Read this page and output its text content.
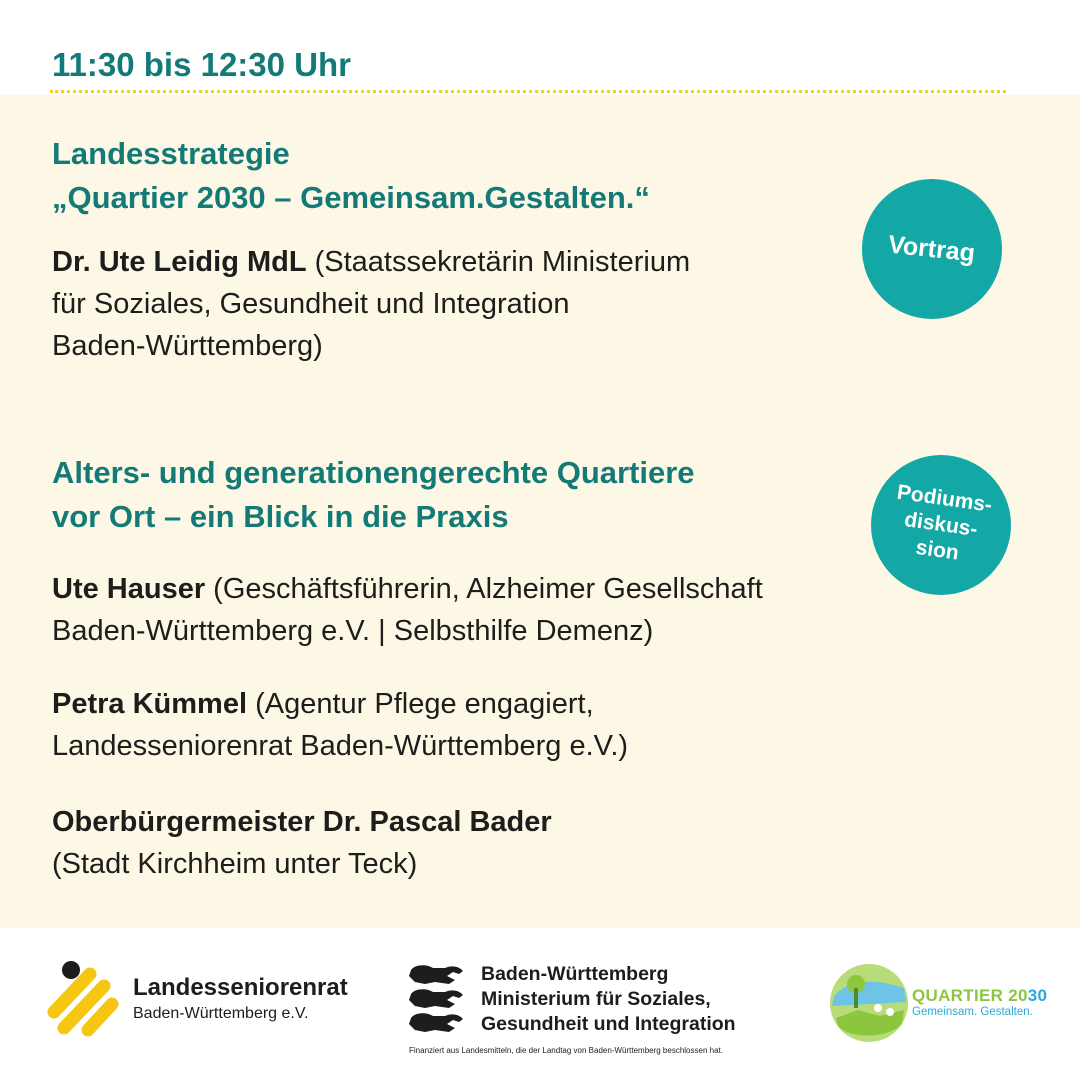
11:30 bis 12:30 Uhr
Landesstrategie
„Quartier 2030 – Gemeinsam.Gestalten.“
Vortrag
Dr. Ute Leidig MdL (Staatssekretärin Ministerium
für Soziales, Gesundheit und Integration
Baden-Württemberg)
Alters- und generationengerechte Quartiere
vor Ort – ein Blick in die Praxis	Podiums-
diskus-
sion
Ute Hauser (Geschäftsführerin, Alzheimer Gesellschaft
Baden-Württemberg e.V. | Selbsthilfe Demenz)
Petra Kümmel (Agentur Pflege engagiert,
Landesseniorenrat Baden-Württemberg e.V.)
Oberbürgermeister Dr. Pascal Bader
(Stadt Kirchheim unter Teck)
Landesseniorenrat
Baden-Württemberg e.V.
Baden-Württemberg
Ministerium für Soziales,
Gesundheit und Integration
Finanziert aus Landesmitteln, die der Landtag von Baden-Württemberg beschlossen hat.
QUARTIER 2030
Gemeinsam. Gestalten.
